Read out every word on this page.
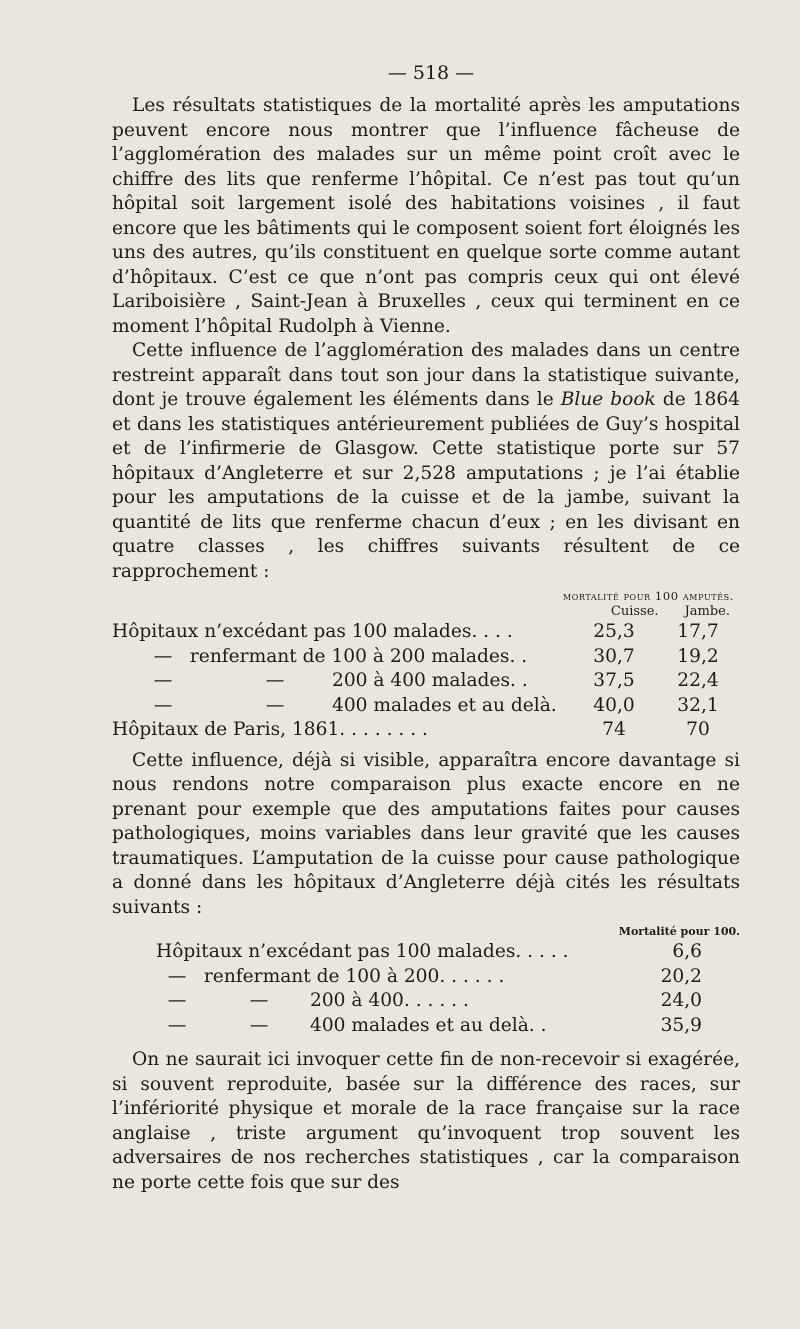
— 518 —

Les résultats statistiques de la mortalité après les amputations peuvent encore nous montrer que l’influence fâcheuse de l’agglomération des malades sur un même point croît avec le chiffre des lits que renferme l’hôpital. Ce n’est pas tout qu’un hôpital soit largement isolé des habitations voisines , il faut encore que les bâtiments qui le composent soient fort éloignés les uns des autres, qu’ils constituent en quelque sorte comme autant d’hôpitaux. C’est ce que n’ont pas compris ceux qui ont élevé Lariboisière , Saint-Jean à Bruxelles , ceux qui terminent en ce moment l’hôpital Rudolph à Vienne.

Cette influence de l’agglomération des malades dans un centre restreint apparaît dans tout son jour dans la statistique suivante, dont je trouve également les éléments dans le Blue book de 1864 et dans les statistiques antérieurement publiées de Guy’s hospital et de l’infirmerie de Glasgow. Cette statistique porte sur 57 hôpitaux d’Angleterre et sur 2,528 amputations ; je l’ai établie pour les amputations de la cuisse et de la jambe, suivant la quantité de lits que renferme chacun d’eux ; en les divisant en quatre classes , les chiffres suivants résultent de ce rapprochement :

mortalité pour 100 amputés.
Cuisse. Jambe.
Hôpitaux n’excédant pas 100 malades. . . .	25,3	17,7
— renfermant de 100 à 200 malades. .	30,7	19,2
— — 200 à 400 malades. .	37,5	22,4
— — 400 malades et au delà.	40,0	32,1
Hôpitaux de Paris, 1861. . . . . . . .	74	70

Cette influence, déjà si visible, apparaîtra encore davantage si nous rendons notre comparaison plus exacte encore en ne prenant pour exemple que des amputations faites pour causes pathologiques, moins variables dans leur gravité que les causes traumatiques. L’amputation de la cuisse pour cause pathologique a donné dans les hôpitaux d’Angleterre déjà cités les résultats suivants :

Mortalité pour 100.
Hôpitaux n’excédant pas 100 malades. . . . .	6,6
— renfermant de 100 à 200. . . . . .	20,2
— — 200 à 400. . . . . .	24,0
— — 400 malades et au delà. .	35,9

On ne saurait ici invoquer cette fin de non-recevoir si exagérée, si souvent reproduite, basée sur la différence des races, sur l’infériorité physique et morale de la race française sur la race anglaise , triste argument qu’invoquent trop souvent les adversaires de nos recherches statistiques , car la comparaison ne porte cette fois que sur des
